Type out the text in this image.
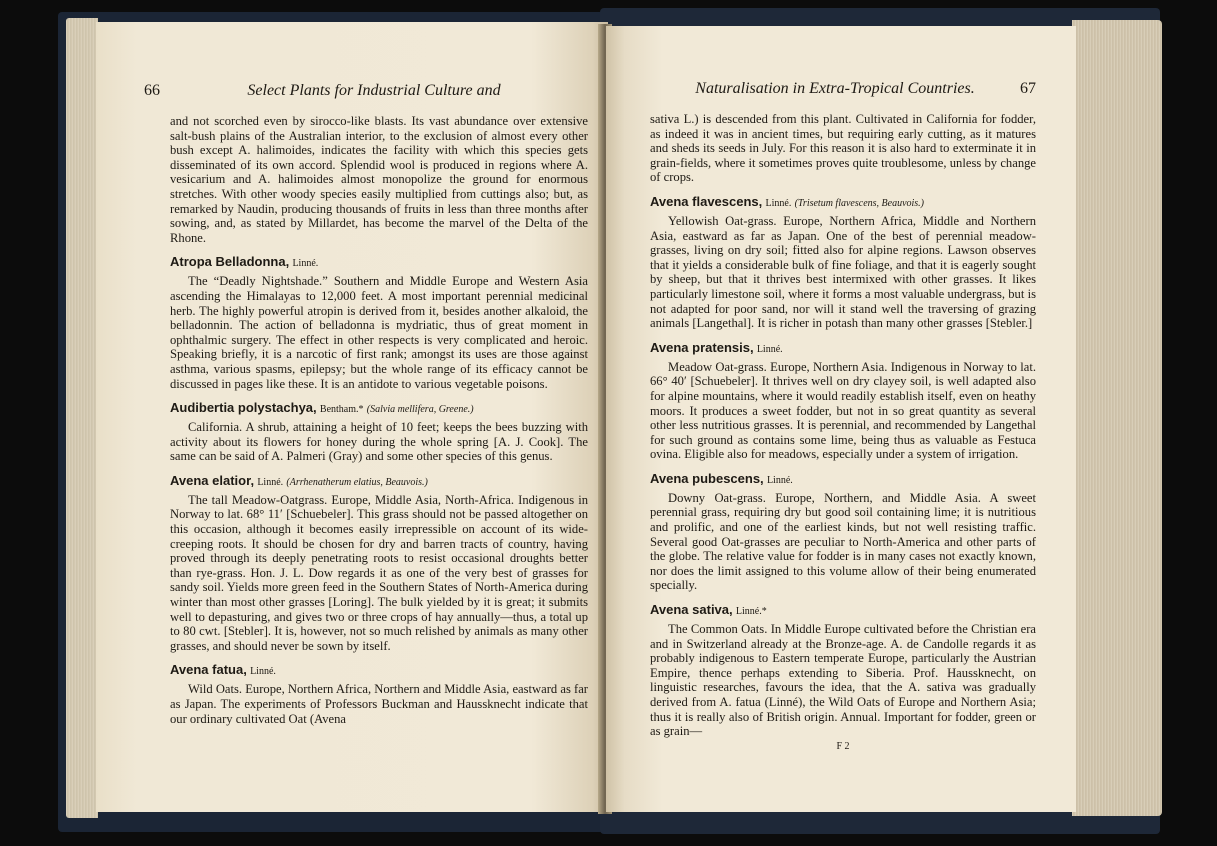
66	Select Plants for Industrial Culture and

and not scorched even by sirocco-like blasts. Its vast abundance over extensive salt-bush plains of the Australian interior, to the exclusion of almost every other bush except A. halimoides, indicates the facility with which this species gets disseminated of its own accord. Splendid wool is produced in regions where A. vesicarium and A. halimoides almost monopolize the ground for enormous stretches. With other woody species easily multiplied from cuttings also; but, as remarked by Naudin, producing thousands of fruits in less than three months after sowing, and, as stated by Millardet, has become the marvel of the Delta of the Rhone.

Atropa Belladonna, Linné.

The “Deadly Nightshade.” Southern and Middle Europe and Western Asia ascending the Himalayas to 12,000 feet. A most important perennial medicinal herb. The highly powerful atropin is derived from it, besides another alkaloid, the belladonnin. The action of belladonna is mydriatic, thus of great moment in ophthalmic surgery. The effect in other respects is very complicated and heroic. Speaking briefly, it is a narcotic of first rank; amongst its uses are those against asthma, various spasms, epilepsy; but the whole range of its efficacy cannot be discussed in pages like these. It is an antidote to various vegetable poisons.

Audibertia polystachya, Bentham.* (Salvia mellifera, Greene.)

California. A shrub, attaining a height of 10 feet; keeps the bees buzzing with activity about its flowers for honey during the whole spring [A. J. Cook]. The same can be said of A. Palmeri (Gray) and some other species of this genus.

Avena elatior, Linné. (Arrhenatherum elatius, Beauvois.)

The tall Meadow-Oatgrass. Europe, Middle Asia, North-Africa. Indigenous in Norway to lat. 68° 11′ [Schuebeler]. This grass should not be passed altogether on this occasion, although it becomes easily irrepressible on account of its wide-creeping roots. It should be chosen for dry and barren tracts of country, having proved through its deeply penetrating roots to resist occasional droughts better than rye-grass. Hon. J. L. Dow regards it as one of the very best of grasses for sandy soil. Yields more green feed in the Southern States of North-America during winter than most other grasses [Loring]. The bulk yielded by it is great; it submits well to depasturing, and gives two or three crops of hay annually—thus, a total up to 80 cwt. [Stebler]. It is, however, not so much relished by animals as many other grasses, and should never be sown by itself.

Avena fatua, Linné.

Wild Oats. Europe, Northern Africa, Northern and Middle Asia, eastward as far as Japan. The experiments of Professors Buckman and Haussknecht indicate that our ordinary cultivated Oat (Avena

Naturalisation in Extra-Tropical Countries.	67

sativa L.) is descended from this plant. Cultivated in California for fodder, as indeed it was in ancient times, but requiring early cutting, as it matures and sheds its seeds in July. For this reason it is also hard to exterminate it in grain-fields, where it sometimes proves quite troublesome, unless by change of crops.

Avena flavescens, Linné. (Trisetum flavescens, Beauvois.)

Yellowish Oat-grass. Europe, Northern Africa, Middle and Northern Asia, eastward as far as Japan. One of the best of perennial meadow-grasses, living on dry soil; fitted also for alpine regions. Lawson observes that it yields a considerable bulk of fine foliage, and that it is eagerly sought by sheep, but that it thrives best intermixed with other grasses. It likes particularly limestone soil, where it forms a most valuable undergrass, but is not adapted for poor sand, nor will it stand well the traversing of grazing animals [Langethal]. It is richer in potash than many other grasses [Stebler.]

Avena pratensis, Linné.

Meadow Oat-grass. Europe, Northern Asia. Indigenous in Norway to lat. 66° 40′ [Schuebeler]. It thrives well on dry clayey soil, is well adapted also for alpine mountains, where it would readily establish itself, even on heathy moors. It produces a sweet fodder, but not in so great quantity as several other less nutritious grasses. It is perennial, and recommended by Langethal for such ground as contains some lime, being thus as valuable as Festuca ovina. Eligible also for meadows, especially under a system of irrigation.

Avena pubescens, Linné.

Downy Oat-grass. Europe, Northern, and Middle Asia. A sweet perennial grass, requiring dry but good soil containing lime; it is nutritious and prolific, and one of the earliest kinds, but not well resisting traffic. Several good Oat-grasses are peculiar to North-America and other parts of the globe. The relative value for fodder is in many cases not exactly known, nor does the limit assigned to this volume allow of their being enumerated specially.

Avena sativa, Linné.*

The Common Oats. In Middle Europe cultivated before the Christian era and in Switzerland already at the Bronze-age. A. de Candolle regards it as probably indigenous to Eastern temperate Europe, particularly the Austrian Empire, thence perhaps extending to Siberia. Prof. Haussknecht, on linguistic researches, favours the idea, that the A. sativa was gradually derived from A. fatua (Linné), the Wild Oats of Europe and Northern Asia; thus it is really also of British origin. Annual. Important for fodder, green or as grain—

F 2
